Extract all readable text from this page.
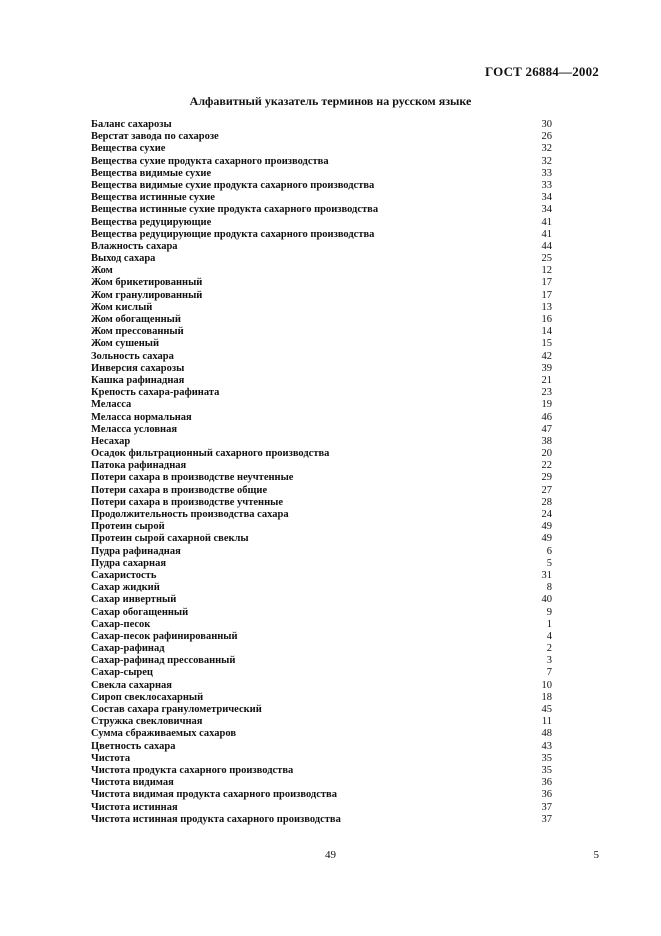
ГОСТ 26884—2002
Алфавитный указатель терминов на русском языке
Баланс сахарозы	30
Верстат завода по сахарозе	26
Вещества сухие	32
Вещества сухие продукта сахарного производства	32
Вещества видимые сухие	33
Вещества видимые сухие продукта сахарного производства	33
Вещества истинные сухие	34
Вещества истинные сухие продукта сахарного производства	34
Вещества редуцирующие	41
Вещества редуцирующие продукта сахарного производства	41
Влажность сахара	44
Выход сахара	25
Жом	12
Жом брикетированный	17
Жом гранулированный	17
Жом кислый	13
Жом обогащенный	16
Жом прессованный	14
Жом сушеный	15
Зольность сахара	42
Инверсия сахарозы	39
Кашка рафинадная	21
Крепость сахара-рафината	23
Меласса	19
Меласса нормальная	46
Меласса условная	47
Несахар	38
Осадок фильтрационный сахарного производства	20
Патока рафинадная	22
Потери сахара в производстве неучтенные	29
Потери сахара в производстве общие	27
Потери сахара в производстве учтенные	28
Продолжительность производства сахара	24
Протеин сырой	49
Протеин сырой сахарной свеклы	49
Пудра рафинадная	6
Пудра сахарная	5
Сахаристость	31
Сахар жидкий	8
Сахар инвертный	40
Сахар обогащенный	9
Сахар-песок	1
Сахар-песок рафинированный	4
Сахар-рафинад	2
Сахар-рафинад прессованный	3
Сахар-сырец	7
Свекла сахарная	10
Сироп свеклосахарный	18
Состав сахара гранулометрический	45
Стружка свекловичная	11
Сумма сбраживаемых сахаров	48
Цветность сахара	43
Чистота	35
Чистота продукта сахарного производства	35
Чистота видимая	36
Чистота видимая продукта сахарного производства	36
Чистота истинная	37
Чистота истинная продукта сахарного производства	37
49	5
